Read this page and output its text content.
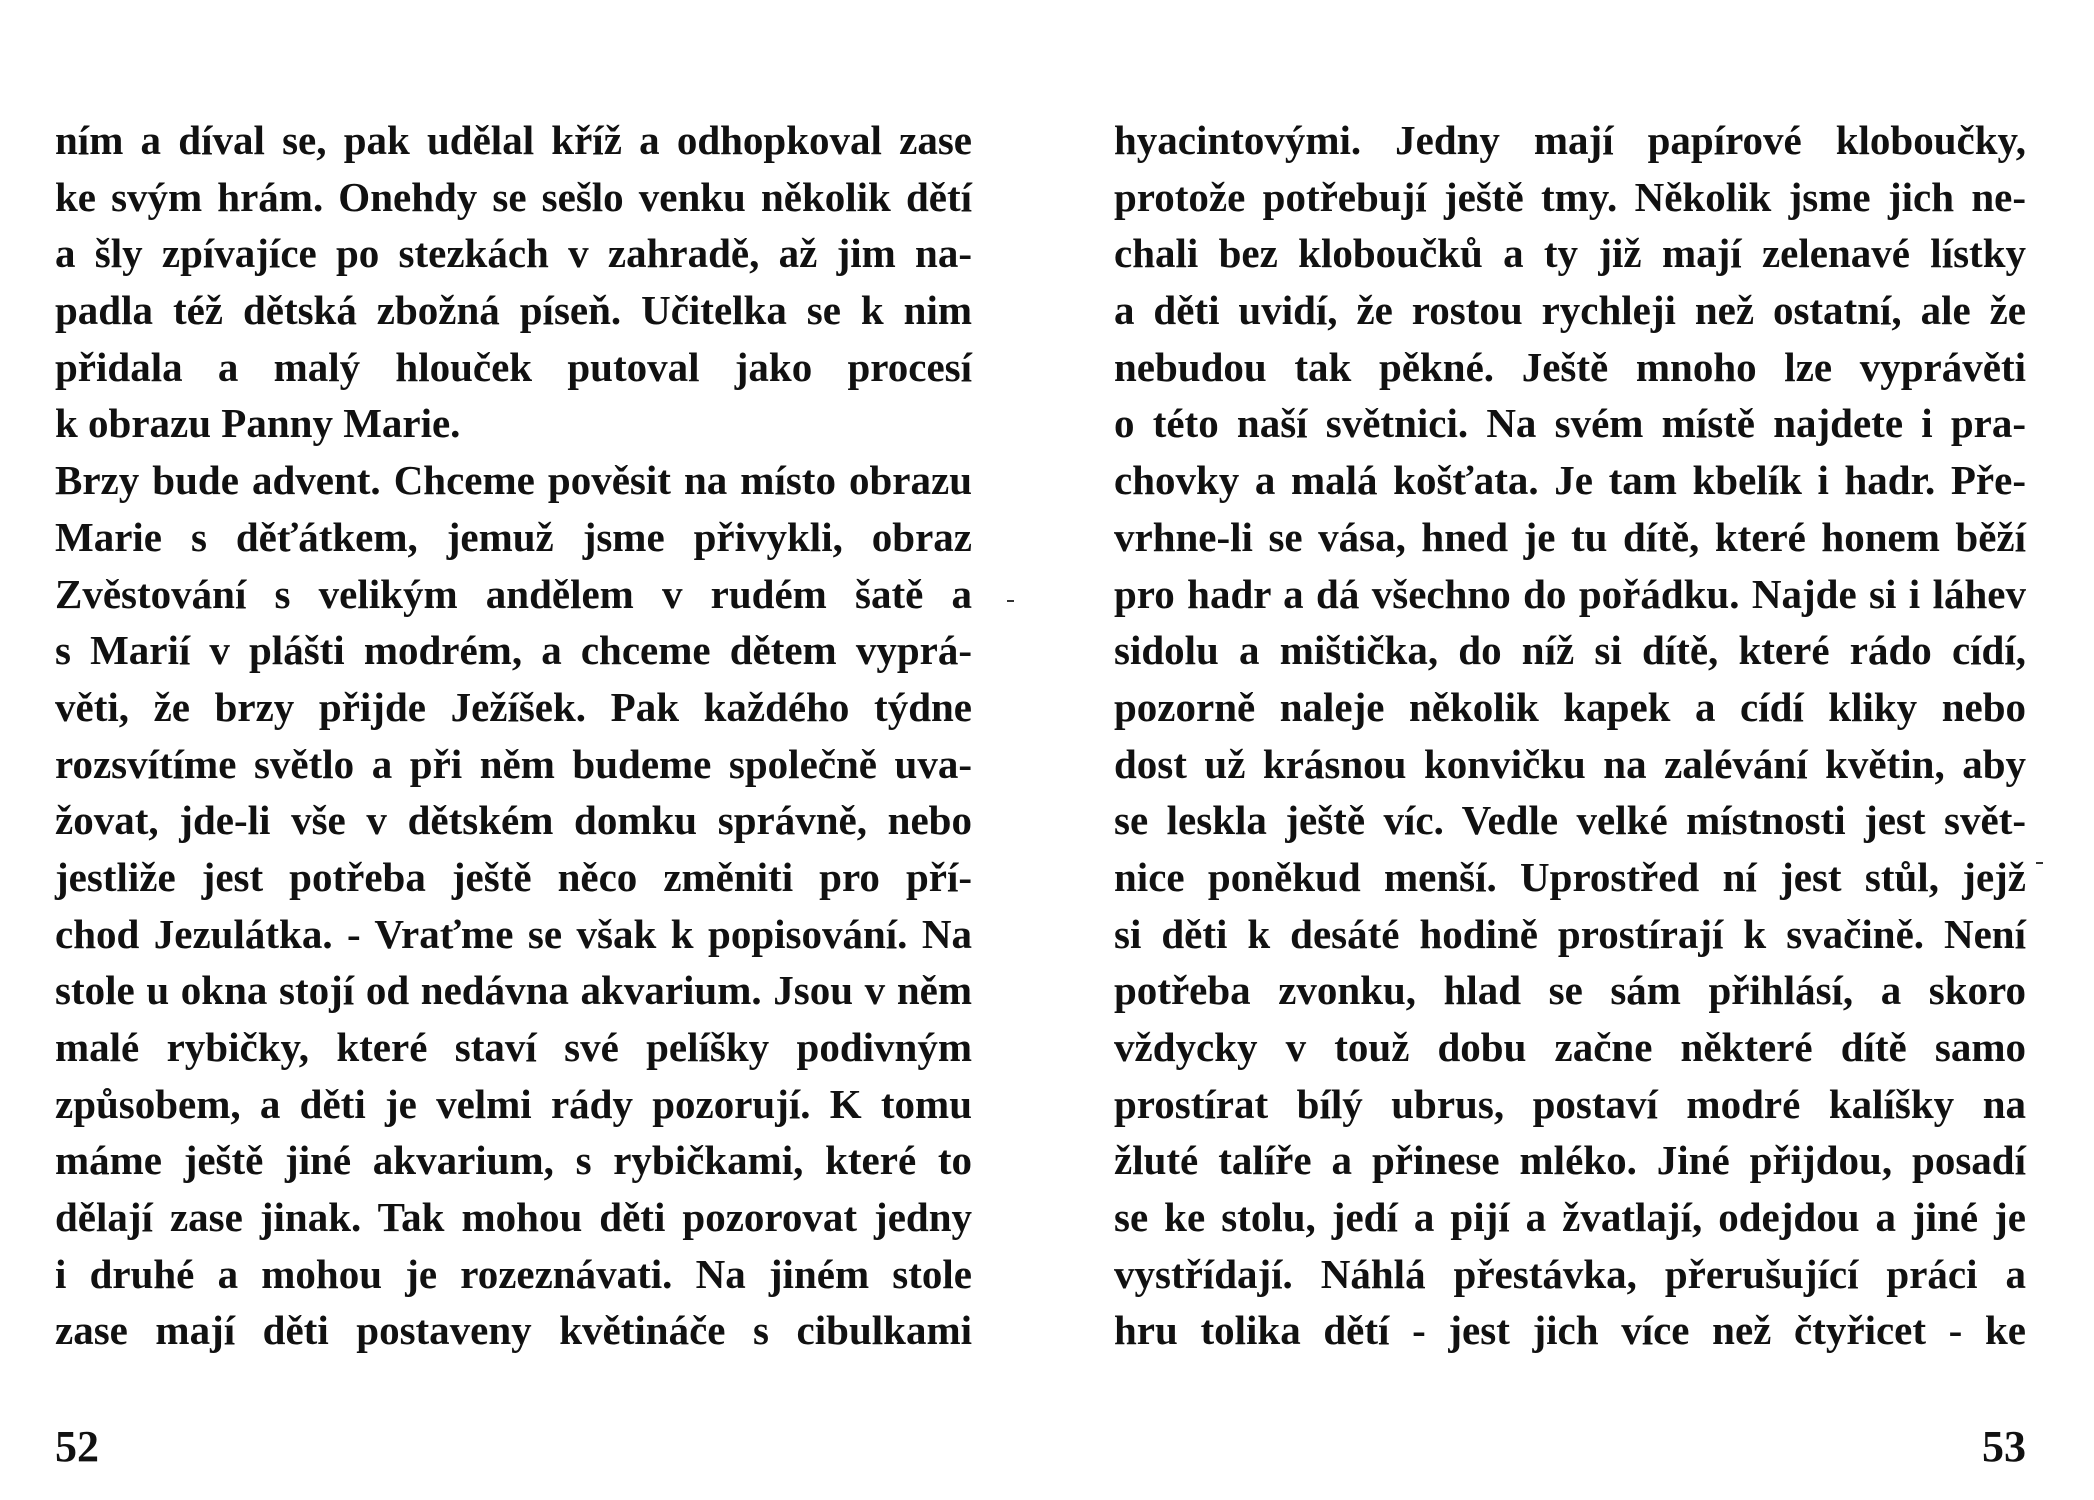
ním a díval se, pak udělal kříž a odhopkoval zase
ke svým hrám. Onehdy se sešlo venku několik dětí
a šly zpívajíce po stezkách v zahradě, až jim na-
padla též dětská zbožná píseň. Učitelka se k nim
přidala a malý hlouček putoval jako procesí
k obrazu Panny Marie.
Brzy bude advent. Chceme pověsit na místo obrazu
Marie s děťátkem, jemuž jsme přivykli, obraz
Zvěstování s velikým andělem v rudém šatě a
s Marií v plášti modrém, a chceme dětem vyprá-
věti, že brzy přijde Ježíšek. Pak každého týdne
rozsvítíme světlo a při něm budeme společně uva-
žovat, jde-li vše v dětském domku správně, nebo
jestliže jest potřeba ještě něco změniti pro pří-
chod Jezulátka. - Vraťme se však k popisování. Na
stole u okna stojí od nedávna akvarium. Jsou v něm
malé rybičky, které staví své pelíšky podivným
způsobem, a děti je velmi rády pozorují. K tomu
máme ještě jiné akvarium, s rybičkami, které to
dělají zase jinak. Tak mohou děti pozorovat jedny
i druhé a mohou je rozeznávati. Na jiném stole
zase mají děti postaveny květináče s cibulkami
52
hyacintovými. Jedny mají papírové kloboučky,
protože potřebují ještě tmy. Několik jsme jich ne-
chali bez kloboučků a ty již mají zelenavé lístky
a děti uvidí, že rostou rychleji než ostatní, ale že
nebudou tak pěkné. Ještě mnoho lze vyprávěti
o této naší světnici. Na svém místě najdete i pra-
chovky a malá košťata. Je tam kbelík i hadr. Pře-
vrhne-li se vása, hned je tu dítě, které honem běží
pro hadr a dá všechno do pořádku. Najde si i láhev
sidolu a mištička, do níž si dítě, které rádo cídí,
pozorně naleje několik kapek a cídí kliky nebo
dost už krásnou konvičku na zalévání květin, aby
se leskla ještě víc. Vedle velké místnosti jest svět-
nice poněkud menší. Uprostřed ní jest stůl, jejž
si děti k desáté hodině prostírají k svačině. Není
potřeba zvonku, hlad se sám přihlásí, a skoro
vždycky v touž dobu začne některé dítě samo
prostírat bílý ubrus, postaví modré kalíšky na
žluté talíře a přinese mléko. Jiné přijdou, posadí
se ke stolu, jedí a pijí a žvatlají, odejdou a jiné je
vystřídají. Náhlá přestávka, přerušující práci a
hru tolika dětí - jest jich více než čtyřicet - ke
53
